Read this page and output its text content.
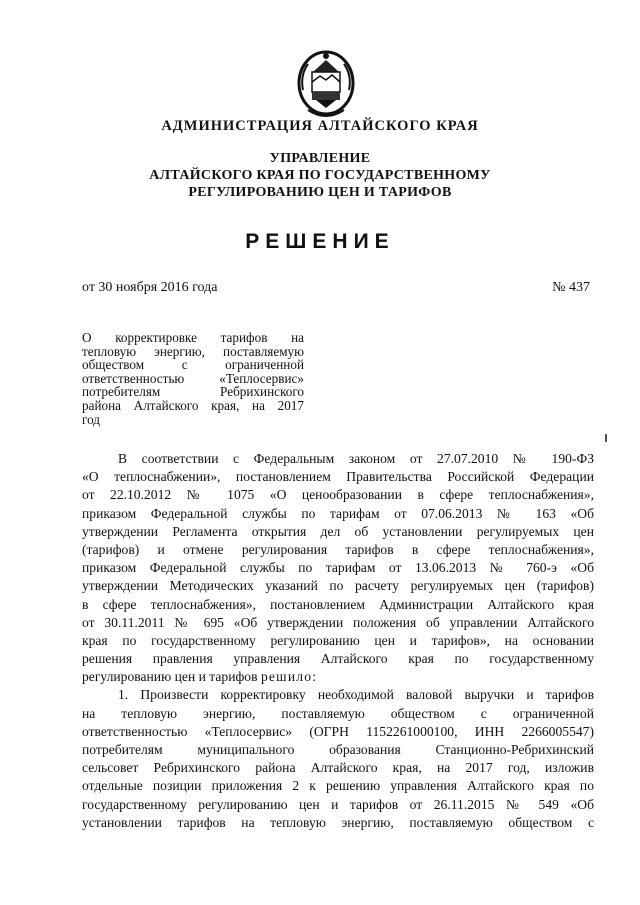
АДМИНИСТРАЦИЯ АЛТАЙСКОГО КРАЯ
УПРАВЛЕНИЕ
АЛТАЙСКОГО КРАЯ ПО ГОСУДАРСТВЕННОМУ
РЕГУЛИРОВАНИЮ ЦЕН И ТАРИФОВ
РЕШЕНИЕ
от 30 ноября 2016 года	№ 437
О корректировке тарифов на
тепловую энергию, поставляемую
обществом с ограниченной
ответственностью «Теплосервис»
потребителям Ребрихинского
района Алтайского края, на 2017
год
В соответствии с Федеральным законом от 27.07.2010 № 190-ФЗ
«О теплоснабжении», постановлением Правительства Российской Федерации
от 22.10.2012 № 1075 «О ценообразовании в сфере теплоснабжения»,
приказом Федеральной службы по тарифам от 07.06.2013 № 163 «Об
утверждении Регламента открытия дел об установлении регулируемых цен
(тарифов) и отмене регулирования тарифов в сфере теплоснабжения»,
приказом Федеральной службы по тарифам от 13.06.2013 № 760-э «Об
утверждении Методических указаний по расчету регулируемых цен (тарифов)
в сфере теплоснабжения», постановлением Администрации Алтайского края
от 30.11.2011 № 695 «Об утверждении положения об управлении Алтайского
края по государственному регулированию цен и тарифов», на основании
решения правления управления Алтайского края по государственному
регулированию цен и тарифов решило:
1. Произвести корректировку необходимой валовой выручки и тарифов
на тепловую энергию, поставляемую обществом с ограниченной
ответственностью «Теплосервис» (ОГРН 1152261000100, ИНН 2266005547)
потребителям муниципального образования Станционно-Ребрихинский
сельсовет Ребрихинского района Алтайского края, на 2017 год, изложив
отдельные позиции приложения 2 к решению управления Алтайского края по
государственному регулированию цен и тарифов от 26.11.2015 № 549 «Об
установлении тарифов на тепловую энергию, поставляемую обществом с
